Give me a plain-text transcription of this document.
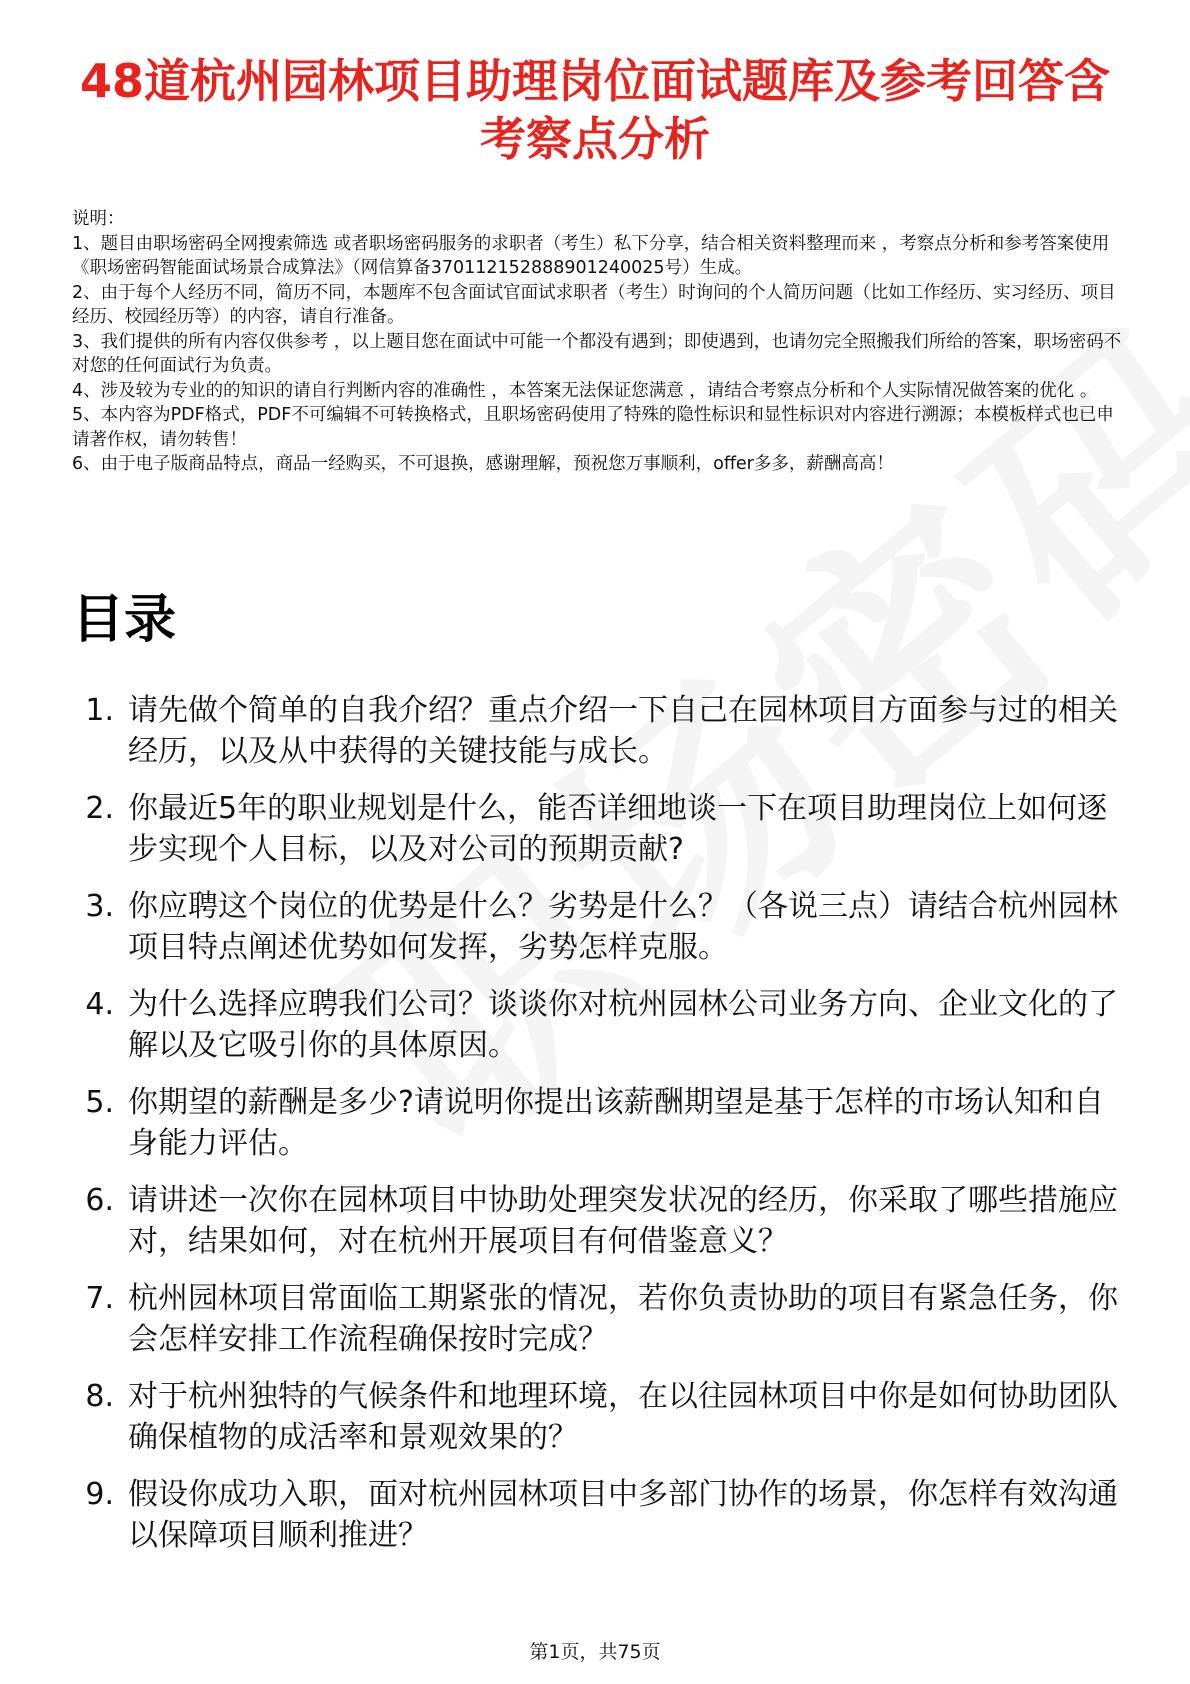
48道杭州园林项目助理岗位面试题库及参考回答含考察点分析

说明：

1、题目由职场密码全网搜索筛选 或者职场密码服务的求职者（考生）私下分享，结合相关资料整理而来 ，考察点分析和参考答案使用《职场密码智能面试场景合成算法》（网信算备370112152888901240025号）生成。

2、由于每个人经历不同，简历不同，本题库不包含面试官面试求职者（考生）时询问的个人简历问题（比如工作经历、实习经历、项目经历、校园经历等）的内容，请自行准备。

3、我们提供的所有内容仅供参考 ，以上题目您在面试中可能一个都没有遇到；即使遇到，也请勿完全照搬我们所给的答案，职场密码不对您的任何面试行为负责。

4、涉及较为专业的的知识的请自行判断内容的准确性 ，本答案无法保证您满意 ，请结合考察点分析和个人实际情况做答案的优化 。

5、本内容为PDF格式，PDF不可编辑不可转换格式，且职场密码使用了特殊的隐性标识和显性标识对内容进行溯源；本模板样式也已申请著作权，请勿转售！

6、由于电子版商品特点，商品一经购买，不可退换，感谢理解，预祝您万事顺利，offer多多，薪酬高高！

目录
1. 请先做个简单的自我介绍？重点介绍一下自己在园林项目方面参与过的相关经历，以及从中获得的关键技能与成长。
2. 你最近5年的职业规划是什么，能否详细地谈一下在项目助理岗位上如何逐步实现个人目标，以及对公司的预期贡献?
3. 你应聘这个岗位的优势是什么？劣势是什么？（各说三点）请结合杭州园林项目特点阐述优势如何发挥，劣势怎样克服。
4. 为什么选择应聘我们公司？谈谈你对杭州园林公司业务方向、企业文化的了解以及它吸引你的具体原因。
5. 你期望的薪酬是多少?请说明你提出该薪酬期望是基于怎样的市场认知和自身能力评估。
6. 请讲述一次你在园林项目中协助处理突发状况的经历，你采取了哪些措施应对，结果如何，对在杭州开展项目有何借鉴意义？
7. 杭州园林项目常面临工期紧张的情况，若你负责协助的项目有紧急任务，你会怎样安排工作流程确保按时完成？
8. 对于杭州独特的气候条件和地理环境，在以往园林项目中你是如何协助团队确保植物的成活率和景观效果的？
9. 假设你成功入职，面对杭州园林项目中多部门协作的场景，你怎样有效沟通以保障项目顺利推进？
第1页，共75页
